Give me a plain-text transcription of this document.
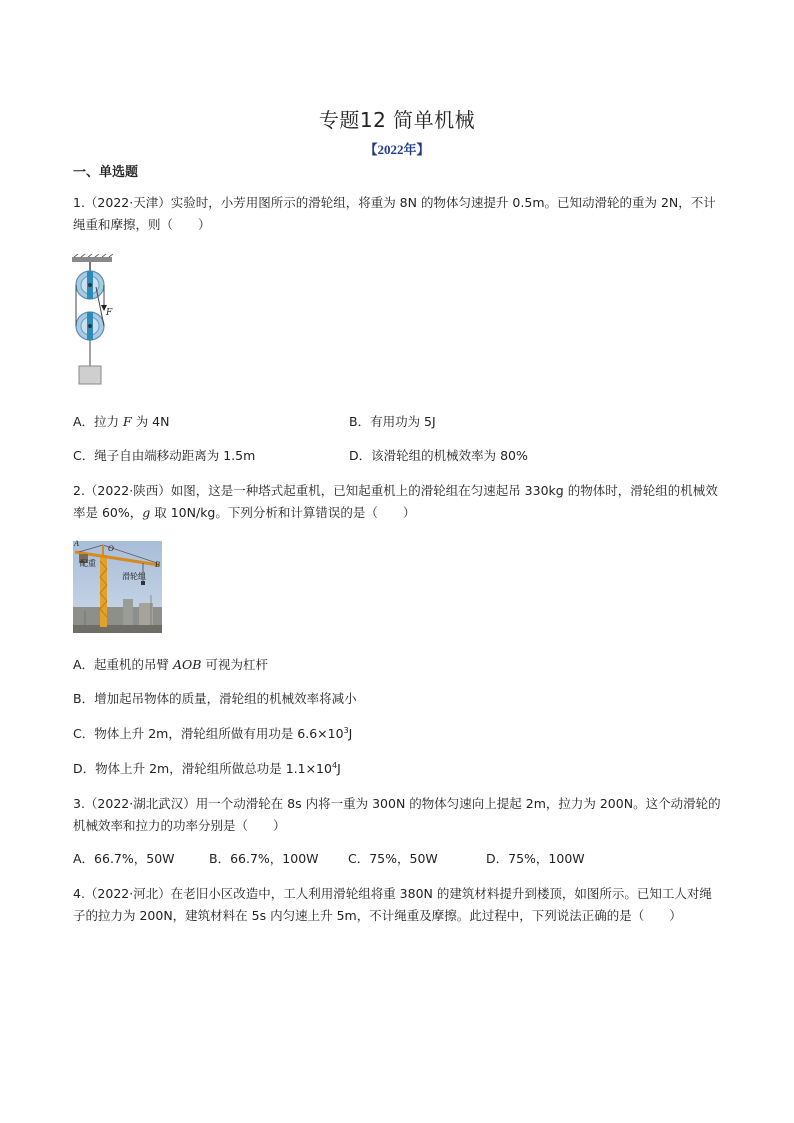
专题12 简单机械
【2022年】
一、单选题
1.（2022·天津）实验时，小芳用图所示的滑轮组，将重为 8N 的物体匀速提升 0.5m。已知动滑轮的重为 2N，不计绳重和摩擦，则（　　）
F
A．拉力 F 为 4N	B．有用功为 5J
C．绳子自由端移动距离为 1.5m	D．该滑轮组的机械效率为 80%
2.（2022·陕西）如图，这是一种塔式起重机，已知起重机上的滑轮组在匀速起吊 330kg 的物体时，滑轮组的机械效率是 60%，g 取 10N/kg。下列分析和计算错误的是（　　）
A
O
B
配重
滑轮组
A．起重机的吊臂 AOB 可视为杠杆
B．增加起吊物体的质量，滑轮组的机械效率将减小
C．物体上升 2m，滑轮组所做有用功是 $6.6\times 10^3J$
D．物体上升 2m，滑轮组所做总功是 $1.1\times 10^4J$
3.（2022·湖北武汉）用一个动滑轮在 8s 内将一重为 300N 的物体匀速向上提起 2m，拉力为 200N。这个动滑轮的机械效率和拉力的功率分别是（　　）
A．66.7%，50W	B．66.7%，100W C．75%，50W	D．75%，100W
4.（2022·河北）在老旧小区改造中，工人利用滑轮组将重 380N 的建筑材料提升到楼顶，如图所示。已知工人对绳子的拉力为 200N，建筑材料在 5s 内匀速上升 5m，不计绳重及摩擦。此过程中，下列说法正确的是（　　）
